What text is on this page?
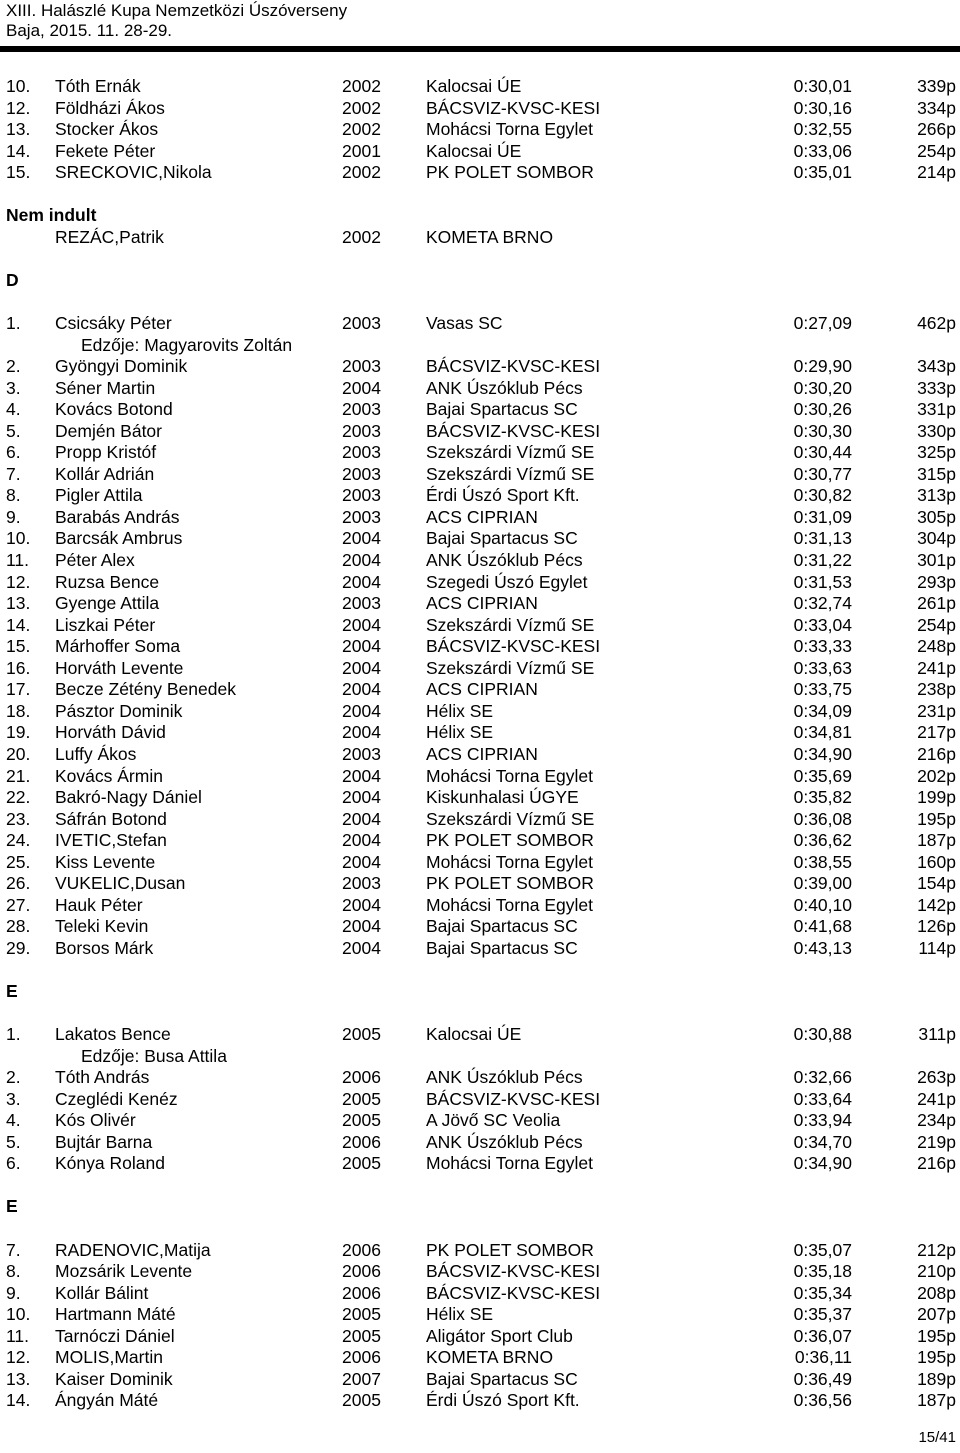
XIII. Halászlé Kupa Nemzetközi Úszóverseny
Baja, 2015. 11. 28-29.
10. Tóth Ernák	2002	Kalocsai ÚE	0:30,01	339p
12. Földházi Ákos	2002	BÁCSVIZ-KVSC-KESI	0:30,16	334p
13. Stocker Ákos	2002	Mohácsi Torna Egylet	0:32,55	266p
14. Fekete Péter	2001	Kalocsai ÚE	0:33,06	254p
15. SRECKOVIC,Nikola	2002	PK POLET SOMBOR	0:35,01	214p
Nem indult
REZÁC,Patrik	2002	KOMETA BRNO
D
1. Csicsáky Péter	2003	Vasas SC	0:27,09	462p
Edzője: Magyarovits Zoltán
2. Gyöngyi Dominik	2003	BÁCSVIZ-KVSC-KESI	0:29,90	343p
3. Séner Martin	2004	ANK Úszóklub Pécs	0:30,20	333p
4. Kovács Botond	2003	Bajai Spartacus SC	0:30,26	331p
5. Demjén Bátor	2003	BÁCSVIZ-KVSC-KESI	0:30,30	330p
6. Propp Kristóf	2003	Szekszárdi Vízmű SE	0:30,44	325p
7. Kollár Adrián	2003	Szekszárdi Vízmű SE	0:30,77	315p
8. Pigler Attila	2003	Érdi Úszó Sport Kft.	0:30,82	313p
9. Barabás András	2003	ACS CIPRIAN	0:31,09	305p
10. Barcsák Ambrus	2004	Bajai Spartacus SC	0:31,13	304p
11. Péter Alex	2004	ANK Úszóklub Pécs	0:31,22	301p
12. Ruzsa Bence	2004	Szegedi Úszó Egylet	0:31,53	293p
13. Gyenge Attila	2003	ACS CIPRIAN	0:32,74	261p
14. Liszkai Péter	2004	Szekszárdi Vízmű SE	0:33,04	254p
15. Márhoffer Soma	2004	BÁCSVIZ-KVSC-KESI	0:33,33	248p
16. Horváth Levente	2004	Szekszárdi Vízmű SE	0:33,63	241p
17. Becze Zétény Benedek	2004	ACS CIPRIAN	0:33,75	238p
18. Pásztor Dominik	2004	Hélix SE	0:34,09	231p
19. Horváth Dávid	2004	Hélix SE	0:34,81	217p
20. Luffy Ákos	2003	ACS CIPRIAN	0:34,90	216p
21. Kovács Ármin	2004	Mohácsi Torna Egylet	0:35,69	202p
22. Bakró-Nagy Dániel	2004	Kiskunhalasi ÚGYE	0:35,82	199p
23. Sáfrán Botond	2004	Szekszárdi Vízmű SE	0:36,08	195p
24. IVETIC,Stefan	2004	PK POLET SOMBOR	0:36,62	187p
25. Kiss Levente	2004	Mohácsi Torna Egylet	0:38,55	160p
26. VUKELIC,Dusan	2003	PK POLET SOMBOR	0:39,00	154p
27. Hauk Péter	2004	Mohácsi Torna Egylet	0:40,10	142p
28. Teleki Kevin	2004	Bajai Spartacus SC	0:41,68	126p
29. Borsos Márk	2004	Bajai Spartacus SC	0:43,13	114p
E
1. Lakatos Bence	2005	Kalocsai ÚE	0:30,88	311p
Edzője: Busa Attila
2. Tóth András	2006	ANK Úszóklub Pécs	0:32,66	263p
3. Czeglédi Kenéz	2005	BÁCSVIZ-KVSC-KESI	0:33,64	241p
4. Kós Olivér	2005	A Jövő SC Veolia	0:33,94	234p
5. Bujtár Barna	2006	ANK Úszóklub Pécs	0:34,70	219p
6. Kónya Roland	2005	Mohácsi Torna Egylet	0:34,90	216p
E
7. RADENOVIC,Matija	2006	PK POLET SOMBOR	0:35,07	212p
8. Mozsárik Levente	2006	BÁCSVIZ-KVSC-KESI	0:35,18	210p
9. Kollár Bálint	2006	BÁCSVIZ-KVSC-KESI	0:35,34	208p
10. Hartmann Máté	2005	Hélix SE	0:35,37	207p
11. Tarnóczi Dániel	2005	Aligátor Sport Club	0:36,07	195p
12. MOLIS,Martin	2006	KOMETA BRNO	0:36,11	195p
13. Kaiser Dominik	2007	Bajai Spartacus SC	0:36,49	189p
14. Ángyán Máté	2005	Érdi Úszó Sport Kft.	0:36,56	187p
15/41
